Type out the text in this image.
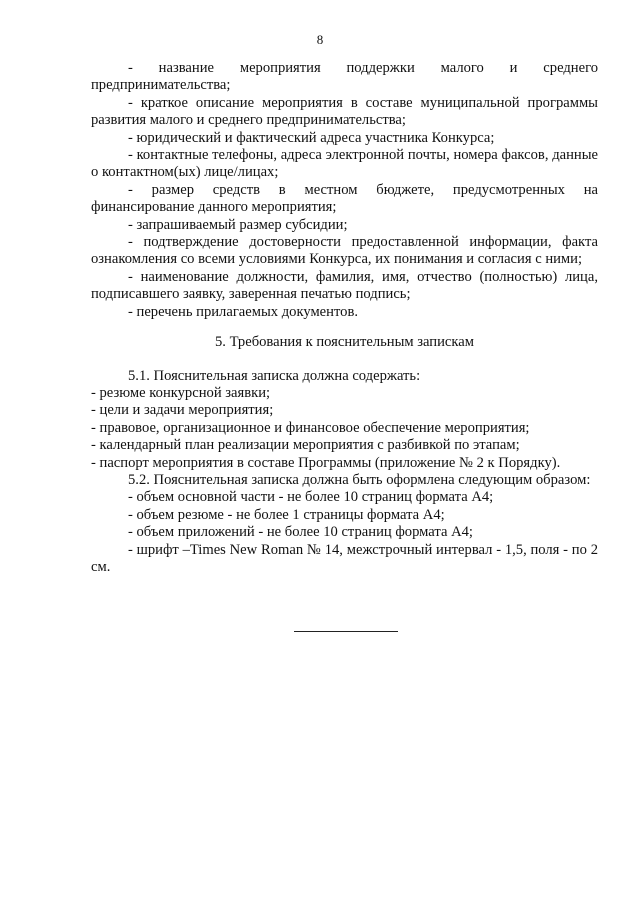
8

- название мероприятия поддержки малого и среднего предпринимательства;

- краткое описание мероприятия в составе муниципальной программы развития малого и среднего предпринимательства;

- юридический и фактический адреса участника Конкурса;

- контактные телефоны, адреса электронной почты, номера факсов, данные о контактном(ых) лице/лицах;

- размер средств в местном бюджете, предусмотренных на финансирование данного мероприятия;

- запрашиваемый размер субсидии;

- подтверждение достоверности предоставленной информации, факта ознакомления со всеми условиями Конкурса, их понимания и согласия с ними;

- наименование должности, фамилия, имя, отчество (полностью) лица, подписавшего заявку, заверенная печатью подпись;

- перечень прилагаемых документов.

5. Требования к пояснительным запискам

5.1. Пояснительная записка должна содержать:

- резюме конкурсной заявки;

- цели и задачи мероприятия;

- правовое, организационное и финансовое обеспечение мероприятия;

- календарный план реализации мероприятия с разбивкой по этапам;

- паспорт мероприятия в составе Программы (приложение № 2 к Порядку).

5.2. Пояснительная записка должна быть оформлена следующим образом:

- объем основной части - не более 10 страниц формата А4;

- объем резюме - не более 1 страницы формата А4;

- объем приложений - не более 10 страниц формата А4;

- шрифт –Times New Roman № 14, межстрочный интервал - 1,5, поля - по 2 см.
